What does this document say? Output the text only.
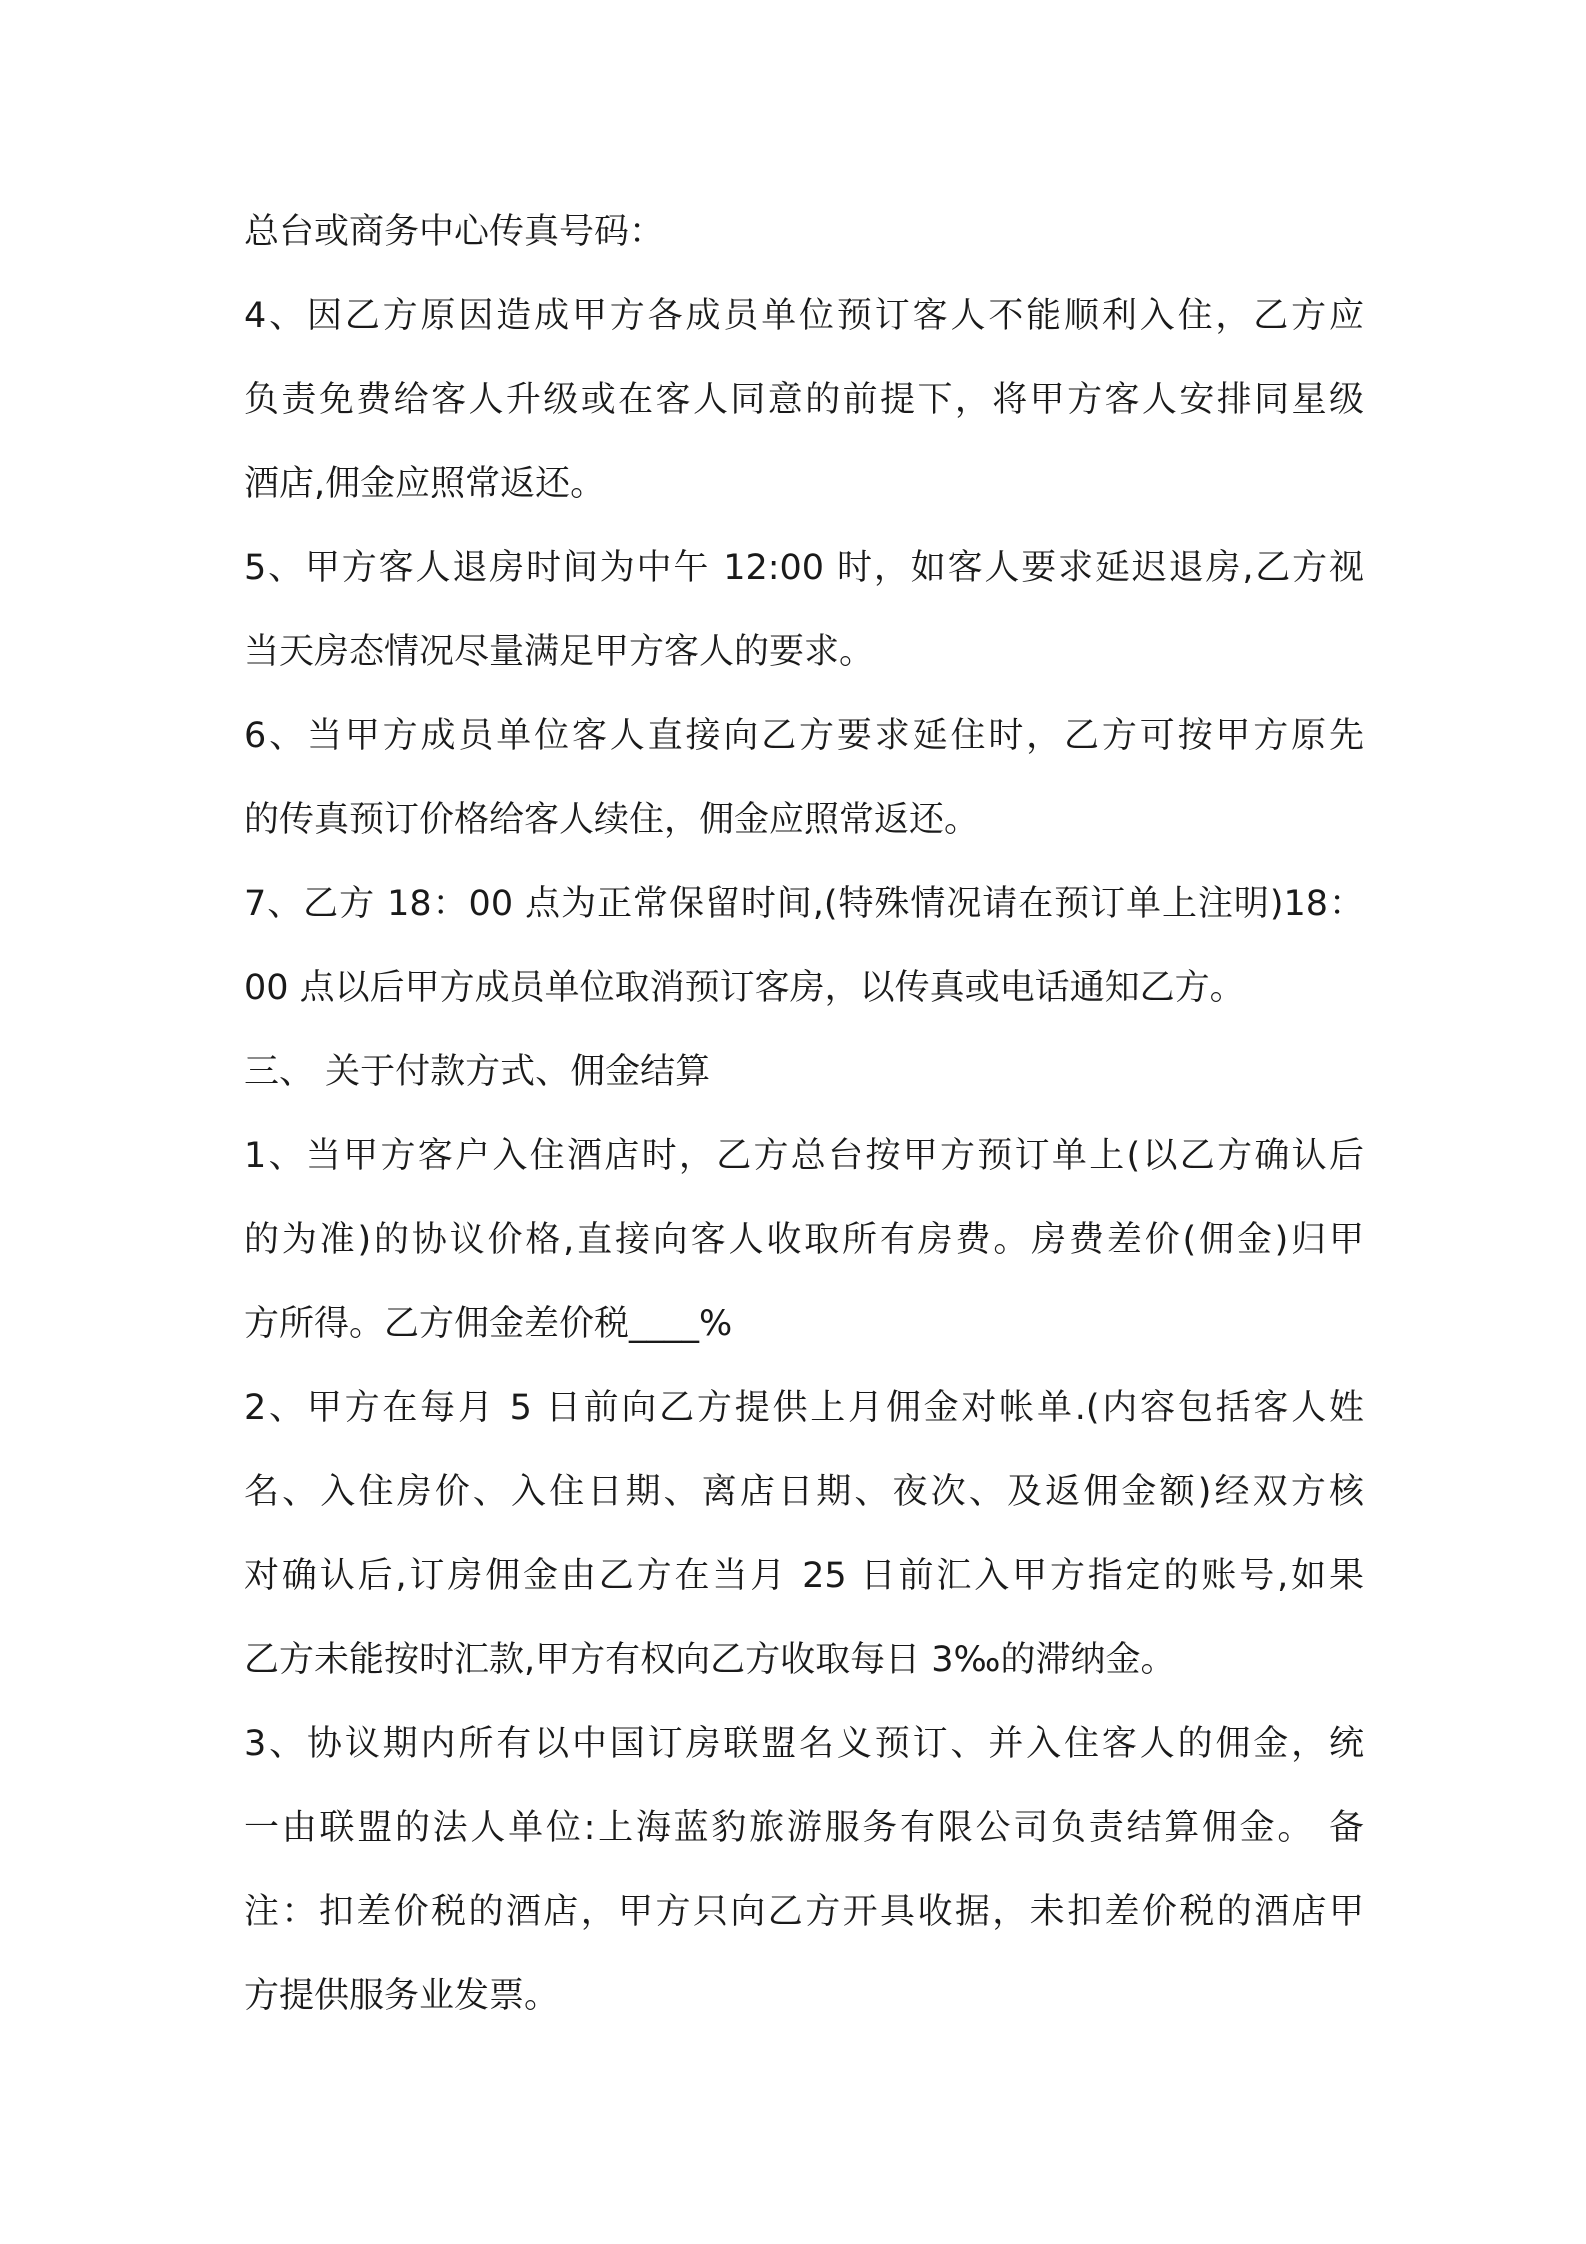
总台或商务中心传真号码：

4、因乙方原因造成甲方各成员单位预订客人不能顺利入住，乙方应

负责免费给客人升级或在客人同意的前提下，将甲方客人安排同星级

酒店,佣金应照常返还。

5、甲方客人退房时间为中午 12:00 时，如客人要求延迟退房,乙方视

当天房态情况尽量满足甲方客人的要求。

6、当甲方成员单位客人直接向乙方要求延住时，乙方可按甲方原先

的传真预订价格给客人续住，佣金应照常返还。

7、乙方 18：00 点为正常保留时间,(特殊情况请在预订单上注明)18：

00 点以后甲方成员单位取消预订客房，以传真或电话通知乙方。

三、 关于付款方式、佣金结算

1、当甲方客户入住酒店时，乙方总台按甲方预订单上(以乙方确认后

的为准)的协议价格,直接向客人收取所有房费。房费差价(佣金)归甲

方所得。乙方佣金差价税____%

2、甲方在每月 5 日前向乙方提供上月佣金对帐单.(内容包括客人姓

名、入住房价、入住日期、离店日期、夜次、及返佣金额)经双方核

对确认后,订房佣金由乙方在当月 25 日前汇入甲方指定的账号,如果

乙方未能按时汇款,甲方有权向乙方收取每日 3‰的滞纳金。

3、协议期内所有以中国订房联盟名义预订、并入住客人的佣金，统

一由联盟的法人单位:上海蓝豹旅游服务有限公司负责结算佣金。 备

注：扣差价税的酒店，甲方只向乙方开具收据，未扣差价税的酒店甲

方提供服务业发票。
